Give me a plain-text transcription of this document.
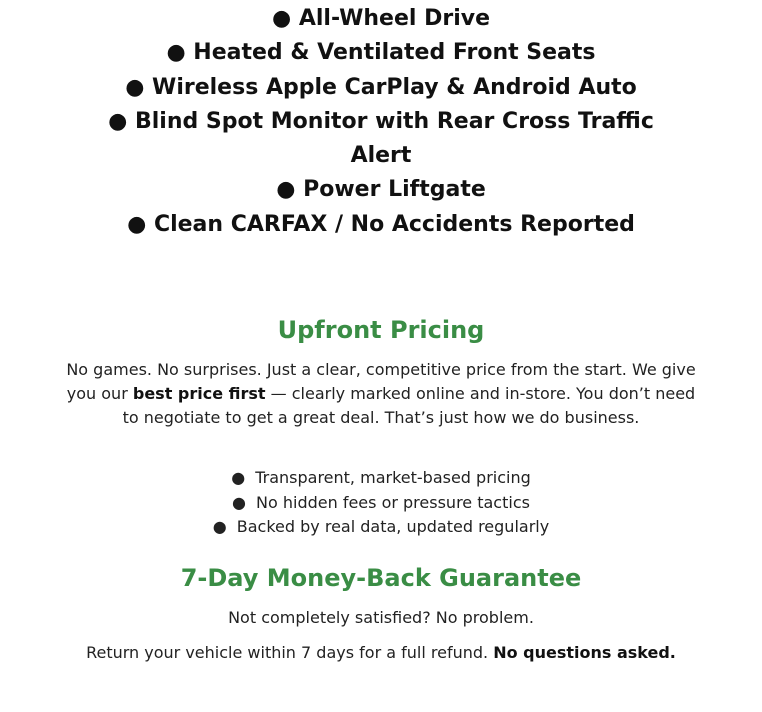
● All-Wheel Drive
● Heated & Ventilated Front Seats
● Wireless Apple CarPlay & Android Auto
● Blind Spot Monitor with Rear Cross Traffic Alert
● Power Liftgate
● Clean CARFAX / No Accidents Reported
Upfront Pricing
No games. No surprises. Just a clear, competitive price from the start. We give you our best price first — clearly marked online and in-store. You don’t need to negotiate to get a great deal. That’s just how we do business.
● Transparent, market-based pricing
● No hidden fees or pressure tactics
● Backed by real data, updated regularly
7-Day Money-Back Guarantee
Not completely satisfied? No problem.
Return your vehicle within 7 days for a full refund. No questions asked.
